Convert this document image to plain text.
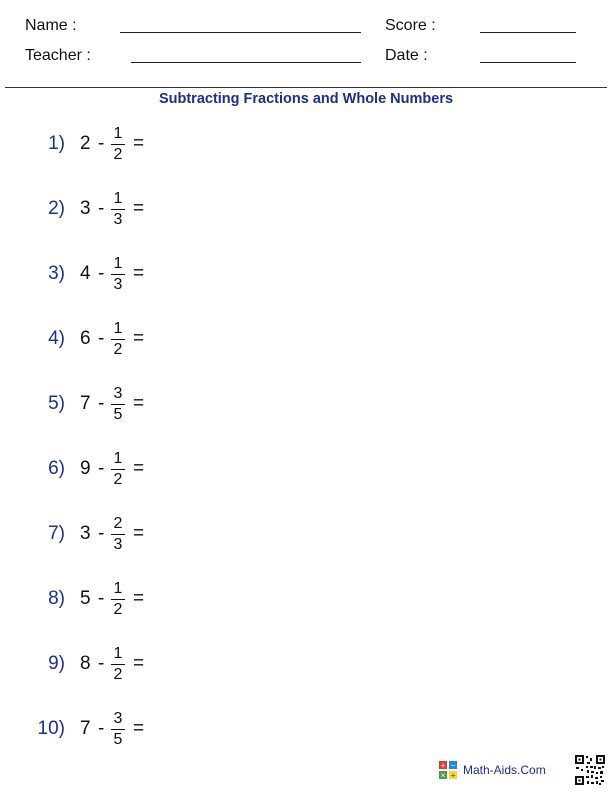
Name :	Score :
Teacher :	Date :
Subtracting Fractions and Whole Numbers
1) 2 - 1
2
=
2) 3 - 1
3
=
3) 4 - 1
3
=
4) 6 - 1
2
=
5) 7 - 3
5
=
6) 9 - 1
2
=
7) 3 - 2
3
=
8) 5 - 1
2
=
9) 8 - 1
2
=
10) 7 - 3
5
=
+ −
× ÷ Math-Aids.Com
